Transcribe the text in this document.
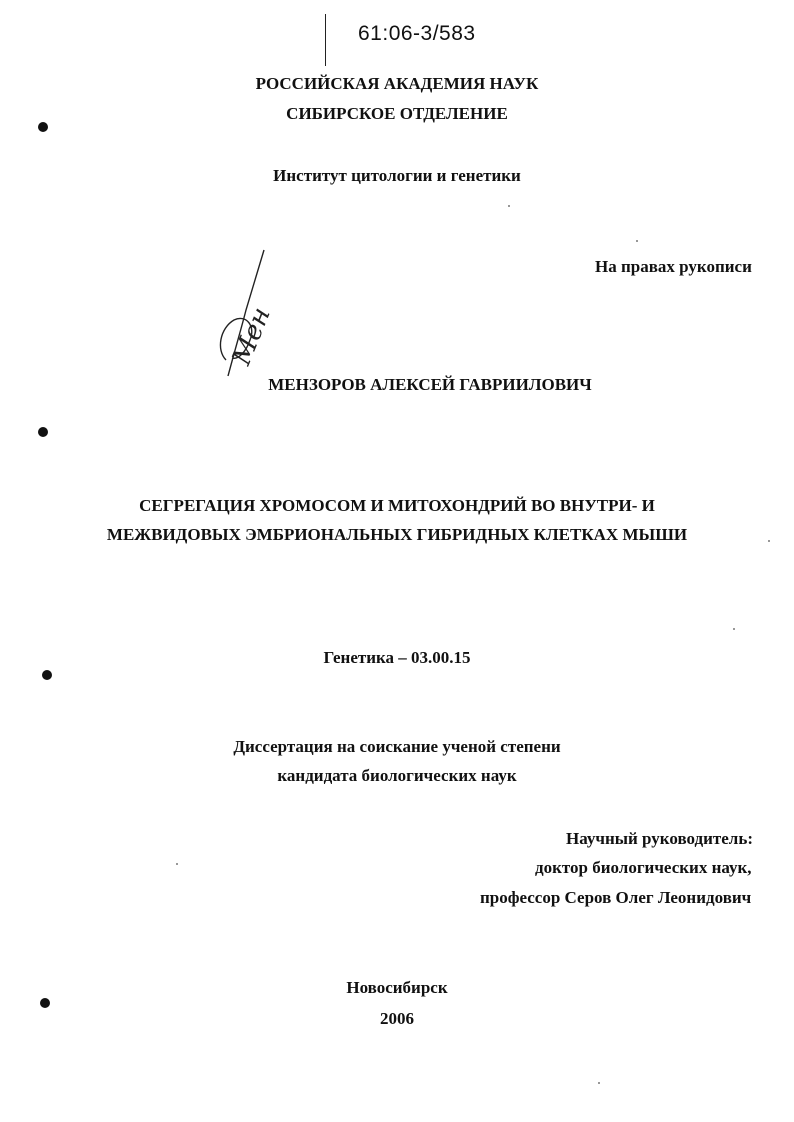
61:06-3/583
РОССИЙСКАЯ АКАДЕМИЯ НАУК
СИБИРСКОЕ ОТДЕЛЕНИЕ
Институт цитологии и генетики
На правах рукописи
Мен
МЕНЗОРОВ АЛЕКСЕЙ ГАВРИИЛОВИЧ
СЕГРЕГАЦИЯ ХРОМОСОМ И МИТОХОНДРИЙ ВО ВНУТРИ- И
МЕЖВИДОВЫХ ЭМБРИОНАЛЬНЫХ ГИБРИДНЫХ КЛЕТКАХ МЫШИ
Генетика – 03.00.15
Диссертация на соискание ученой степени
кандидата биологических наук
Научный руководитель:
доктор биологических наук,
профессор Серов Олег Леонидович
Новосибирск
2006
